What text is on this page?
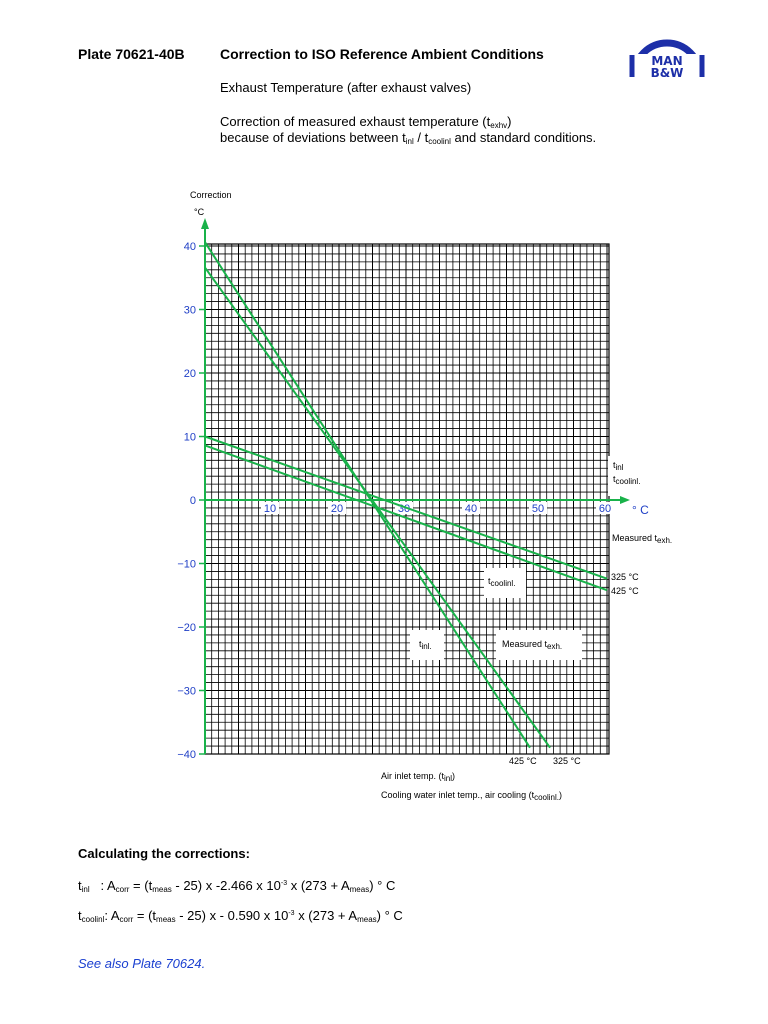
Plate 70621-40B	Correction to ISO Reference Ambient Conditions
Exhaust Temperature (after exhaust valves)
Correction of measured exhaust temperature $(t_{exhv})$
because of deviations between $t_{inl} / t_{coolinl}$ and standard conditions.
MAN
B&W
40
30
20
10
0
−10
−20
−30
−40
10	20	30	40	50	60
Correction
°C
° C
tinl
tcoolinl.
Measured texh.
325 °C
425 °C
425 °C 325 °C
tcoolinl.
tinl.	Measured texh.
Air inlet temp. (tinl)
Cooling water inlet temp., air cooling (tcoolinl.)
Calculating the corrections:
$t_{inl}$   : $A_{corr} = (t_{meas} - 25)$ x -2.466 x $10^{-3}$ x $(273 + A_{meas})$ ° C
$t_{coolinl}$: $A_{corr} = (t_{meas} - 25)$ x - 0.590 x $10^{-3}$ x $(273 + A_{meas})$ ° C
See also Plate 70624.
